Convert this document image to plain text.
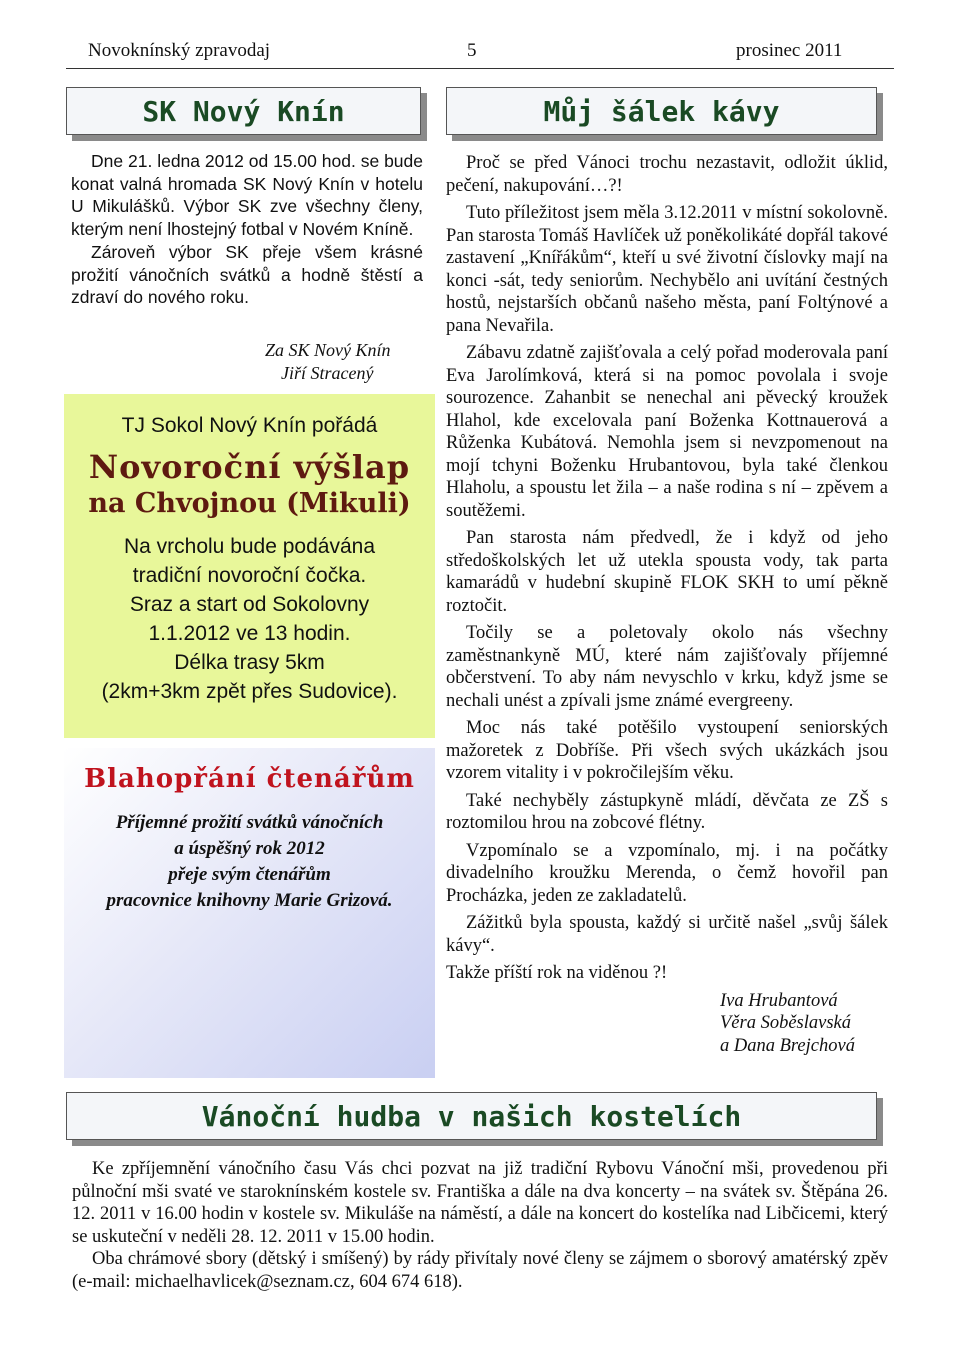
Novoknínský zpravodaj	5	prosinec 2011
SK Nový Knín

Dne 21. ledna 2012 od 15.00 hod. se bude konat valná hromada SK Nový Knín v hotelu U Mikulášků. Výbor SK zve všechny členy, kterým není lhostejný fotbal v Novém Kníně.

Zároveň výbor SK přeje všem krásné prožití vánočních svátků a hodně štěstí a zdraví do nového roku.

Za SK Nový Knín
Jiří Stracený
TJ Sokol Nový Knín pořádá
Novoroční výšlap
na Chvojnou (Mikuli)
Na vrcholu bude podávána
tradiční novoroční čočka.
Sraz a start od Sokolovny
1.1.2012 ve 13 hodin.
Délka trasy 5km
(2km+3km zpět přes Sudovice).
Blahopřání čtenářům
Příjemné prožití svátků vánočních
a úspěšný rok 2012
přeje svým čtenářům
pracovnice knihovny Marie Grizová.
Můj šálek kávy

Proč se před Vánoci trochu nezastavit, odložit úklid, pečení, nakupování…?!

Tuto příležitost jsem měla 3.12.2011 v místní sokolovně. Pan starosta Tomáš Havlíček už poněkolikáté dopřál takové zastavení „Knířákům“, kteří u své životní číslovky mají na konci -sát, tedy seniorům. Nechybělo ani uvítání čestných hostů, nejstarších občanů našeho města, paní Foltýnové a pana Nevařila.

Zábavu zdatně zajišťovala a celý pořad moderovala paní Eva Jarolímková, která si na pomoc povolala i svoje sourozence. Zahanbit se nenechal ani pěvecký kroužek Hlahol, kde excelovala paní Boženka Kottnauerová a Růženka Kubátová. Nemohla jsem si nevzpomenout na mojí tchyni Boženku Hrubantovou, byla také členkou Hlaholu, a spoustu let žila – a naše rodina s ní – zpěvem a soutěžemi.

Pan starosta nám předvedl, že i když od jeho středoškolských let už utekla spousta vody, tak parta kamarádů v hudební skupině FLOK SKH to umí pěkně roztočit.

Točily se a poletovaly okolo nás všechny zaměstnankyně MÚ, které nám zajišťovaly příjemné občerstvení. To aby nám nevyschlo v krku, když jsme se nechali unést a zpívali jsme známé evergreeny.

Moc nás také potěšilo vystoupení seniorských mažoretek z Dobříše. Při všech svých ukázkách jsou vzorem vitality i v pokročilejším věku.

Také nechyběly zástupkyně mládí, děvčata ze ZŠ s roztomilou hrou na zobcové flétny.

Vzpomínalo se a vzpomínalo, mj. i na počátky divadelního kroužku Merenda, o čemž hovořil pan Procházka, jeden ze zakladatelů.

Zážitků byla spousta, každý si určitě našel „svůj šálek kávy“.

Takže příští rok na viděnou ?!

Iva Hrubantová
Věra Soběslavská
a Dana Brejchová
Vánoční hudba v našich kostelích

Ke zpříjemnění vánočního času Vás chci pozvat na již tradiční Rybovu Vánoční mši, provedenou při půlnoční mši svaté ve staroknínském kostele sv. Františka a dále na dva koncerty – na svátek sv. Štěpána 26. 12. 2011 v 16.00 hodin v kostele sv. Mikuláše na náměstí, a dále na koncert do kostelíka nad Libčicemi, který se uskuteční v neděli 28. 12. 2011 v 15.00 hodin.

Oba chrámové sbory (dětský i smíšený) by rády přivítaly nové členy se zájmem o sborový amatérský zpěv (e-mail: michaelhavlicek@seznam.cz, 604 674 618).
